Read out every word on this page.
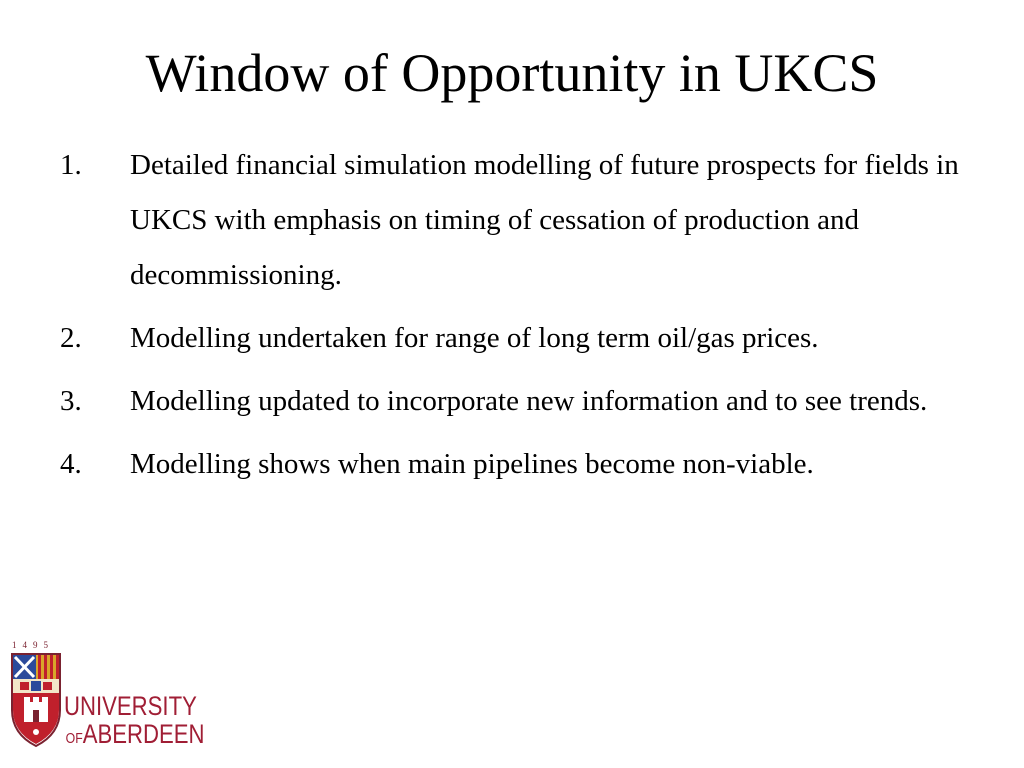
Window of Opportunity in UKCS
1. Detailed financial simulation modelling of future prospects for fields in UKCS with emphasis on timing of cessation of production and decommissioning.
2. Modelling undertaken for range of long term oil/gas prices.
3. Modelling updated to incorporate new information and to see trends.
4. Modelling shows when main pipelines become non-viable.
1495
UNIVERSITY
OFABERDEEN
